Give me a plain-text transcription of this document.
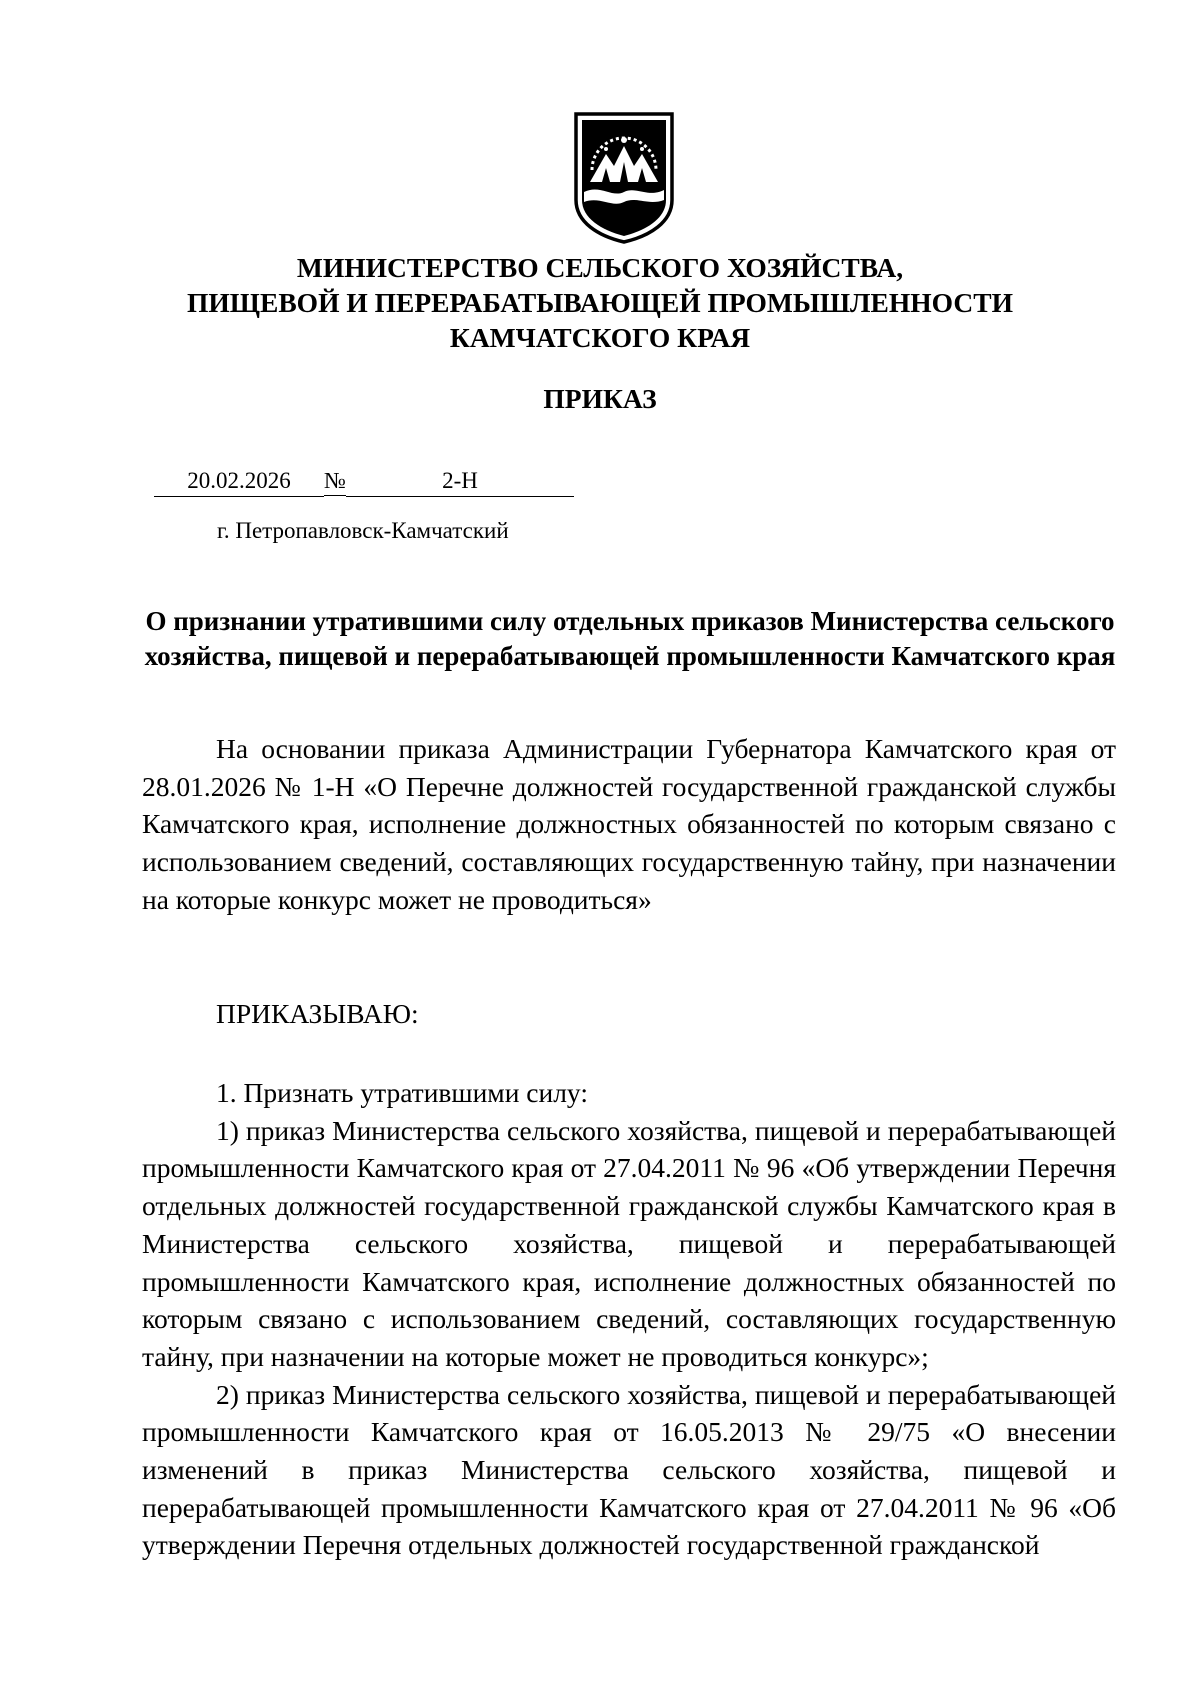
МИНИСТЕРСТВО СЕЛЬСКОГО ХОЗЯЙСТВА,
ПИЩЕВОЙ И ПЕРЕРАБАТЫВАЮЩЕЙ ПРОМЫШЛЕННОСТИ
КАМЧАТСКОГО КРАЯ
ПРИКАЗ
20.02.2026 №	2-Н
г. Петропавловск-Камчатский
О признании утратившими силу отдельных приказов Министерства сельского хозяйства, пищевой и перерабатывающей промышленности Камчатского края

На основании приказа Администрации Губернатора Камчатского края от 28.01.2026 № 1-Н «О Перечне должностей государственной гражданской службы Камчатского края, исполнение должностных обязанностей по которым связано с использованием сведений, составляющих государственную тайну, при назначении на которые конкурс может не проводиться»

ПРИКАЗЫВАЮ:

1. Признать утратившими силу:

1) приказ Министерства сельского хозяйства, пищевой и перерабатывающей промышленности Камчатского края от 27.04.2011 № 96 «Об утверждении Перечня отдельных должностей государственной гражданской службы Камчатского края в Министерства сельского хозяйства, пищевой и перерабатывающей промышленности Камчатского края, исполнение должностных обязанностей по которым связано с использованием сведений, составляющих государственную тайну, при назначении на которые может не проводиться конкурс»;

2) приказ Министерства сельского хозяйства, пищевой и перерабатывающей промышленности Камчатского края от 16.05.2013 № 29/75 «О внесении изменений в приказ Министерства сельского хозяйства, пищевой и перерабатывающей промышленности Камчатского края от 27.04.2011 № 96 «Об утверждении Перечня отдельных должностей государственной гражданской
